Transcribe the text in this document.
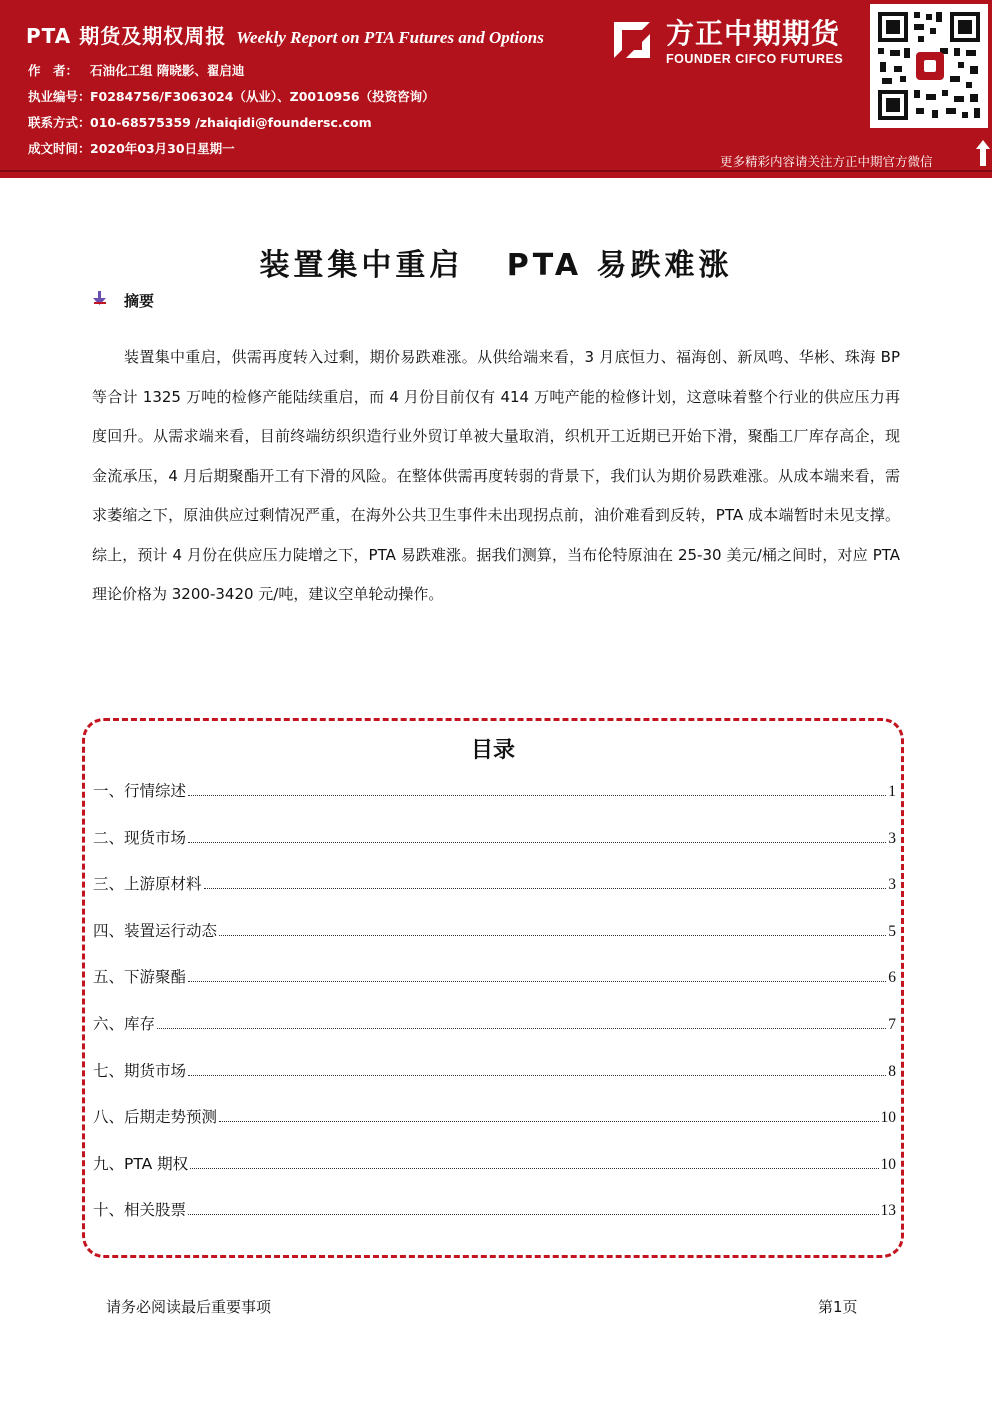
PTA 期货及期权周报 Weekly Report on PTA Futures and Options
作　者： 石油化工组 隋晓影、翟启迪
执业编号：F0284756/F3063024（从业）、Z0010956（投资咨询）
联系方式：010-68575359 /zhaiqidi@foundersc.com
成文时间：2020年03月30日星期一
方正中期期货
FOUNDER CIFCO FUTURES
更多精彩内容请关注方正中期官方微信
装置集中重启   PTA 易跌难涨
摘要

装置集中重启，供需再度转入过剩，期价易跌难涨。从供给端来看，3 月底恒力、福海创、新凤鸣、华彬、珠海 BP 等合计 1325 万吨的检修产能陆续重启，而 4 月份目前仅有 414 万吨产能的检修计划，这意味着整个行业的供应压力再度回升。从需求端来看，目前终端纺织织造行业外贸订单被大量取消，织机开工近期已开始下滑，聚酯工厂库存高企，现金流承压，4 月后期聚酯开工有下滑的风险。在整体供需再度转弱的背景下，我们认为期价易跌难涨。从成本端来看，需求萎缩之下，原油供应过剩情况严重，在海外公共卫生事件未出现拐点前，油价难看到反转，PTA 成本端暂时未见支撑。综上，预计 4 月份在供应压力陡增之下，PTA 易跌难涨。据我们测算，当布伦特原油在 25-30 美元/桶之间时，对应 PTA 理论价格为 3200-3420 元/吨，建议空单轮动操作。

目录
一、行情综述	1
二、现货市场	3
三、上游原材料	3
四、装置运行动态	5
五、下游聚酯	6
六、库存	7
七、期货市场	8
八、后期走势预测	10
九、PTA 期权	10
十、相关股票	13
请务必阅读最后重要事项	第1页
